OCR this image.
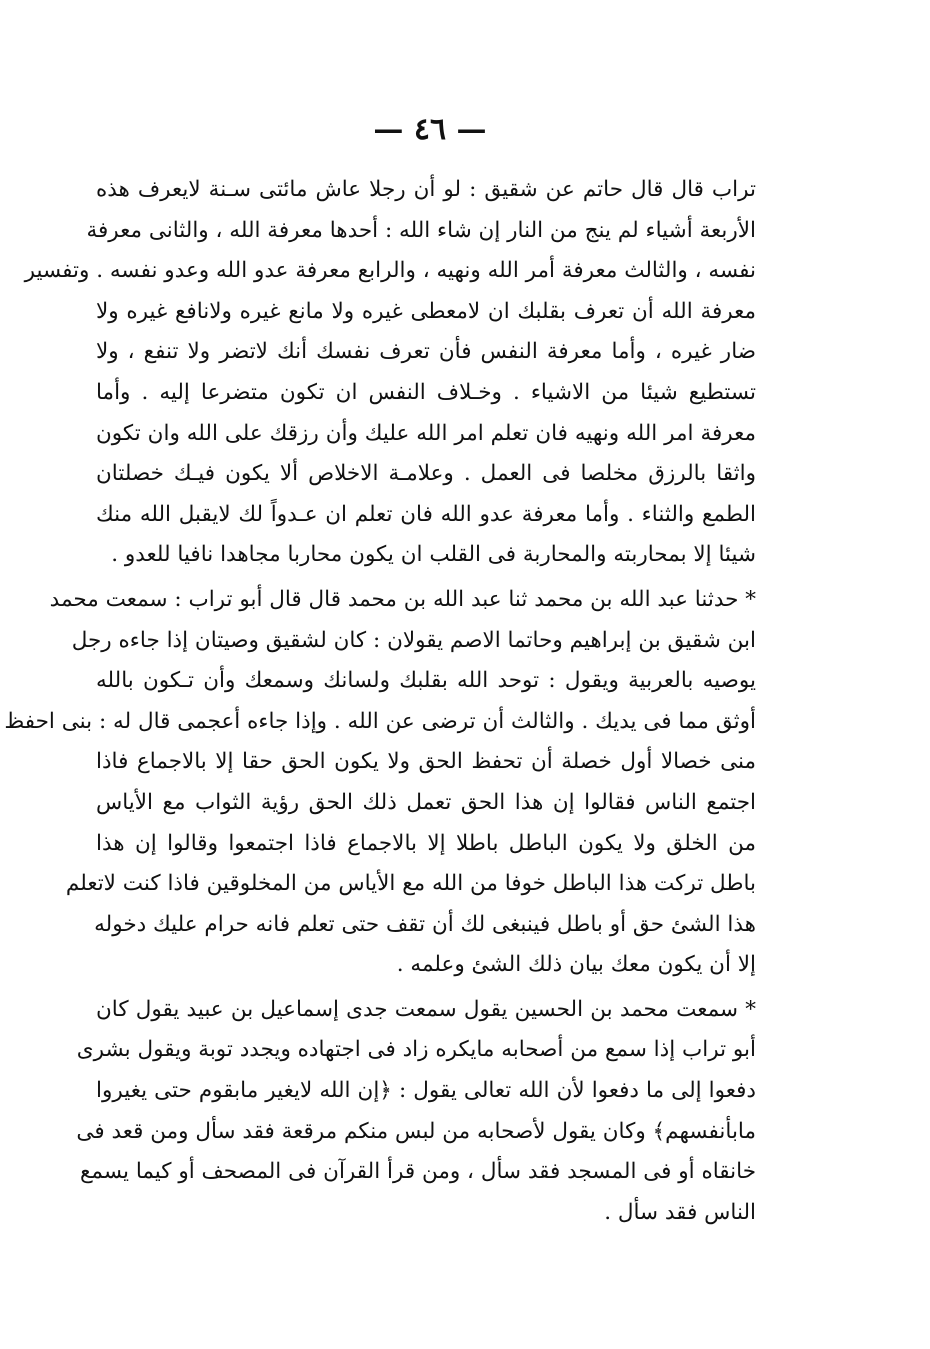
— ٤٦ —
تراب قال قال حاتم عن شقيق : لو أن رجلا عاش مائتى سـنة لايعرف هذه
الأربعة أشياء لم ينج من النار إن شاء الله : أحدها معرفة الله ، والثانى معرفة
نفسه ، والثالث معرفة أمر الله ونهيه ، والرابع معرفة عدو الله وعدو نفسه . وتفسير
معرفة الله أن تعرف بقلبك ان لامعطى غيره ولا مانع غيره ولانافع غيره ولا
ضار غيره ، وأما معرفة النفس فأن تعرف نفسك أنك لاتضر ولا تنفع ، ولا
تستطيع شيئا من الاشياء . وخـلاف النفس ان تكون متضرعا إليه . وأما
معرفة امر الله ونهيه فان تعلم امر الله عليك وأن رزقك على الله وان تكون
واثقا بالرزق مخلصا فى العمل . وعلامـة الاخلاص ألا يكون فيـك خصلتان
الطمع والثناء . وأما معرفة عدو الله فان تعلم ان عـدواً لك لايقبل الله منك
شيئا إلا بمحاربته والمحاربة فى القلب ان يكون محاربا مجاهدا نافيا للعدو .
* حدثنا عبد الله بن محمد ثنا عبد الله بن محمد قال قال أبو تراب : سمعت محمد
ابن شقيق بن إبراهيم وحاتما الاصم يقولان : كان لشقيق وصيتان إذا جاءه رجل
يوصيه بالعربية ويقول : توحد الله بقلبك ولسانك وسمعك وأن تـكون بالله
أوثق مما فى يديك . والثالث أن ترضى عن الله . وإذا جاءه أعجمى قال له : بنى احفظ
منى خصالا أول خصلة أن تحفظ الحق ولا يكون الحق حقا إلا بالاجماع فاذا
اجتمع الناس فقالوا إن هذا الحق تعمل ذلك الحق رؤية الثواب مع الأياس
من الخلق ولا يكون الباطل باطلا إلا بالاجماع فاذا اجتمعوا وقالوا إن هذا
باطل تركت هذا الباطل خوفا من الله مع الأياس من المخلوقين فاذا كنت لاتعلم
هذا الشئ حق أو باطل فينبغى لك أن تقف حتى تعلم فانه حرام عليك دخوله
إلا أن يكون معك بيان ذلك الشئ وعلمه .
* سمعت محمد بن الحسين يقول سمعت جدى إسماعيل بن عبيد يقول كان
أبو تراب إذا سمع من أصحابه مايكره زاد فى اجتهاده ويجدد توبة ويقول بشرى
دفعوا إلى ما دفعوا لأن الله تعالى يقول : ﴿إن الله لايغير مابقوم حتى يغيروا
مابأنفسهم﴾ وكان يقول لأصحابه من لبس منكم مرقعة فقد سأل ومن قعد فى
خانقاه أو فى المسجد فقد سأل ، ومن قرأ القرآن فى المصحف أو كيما يسمع
الناس فقد سأل .
